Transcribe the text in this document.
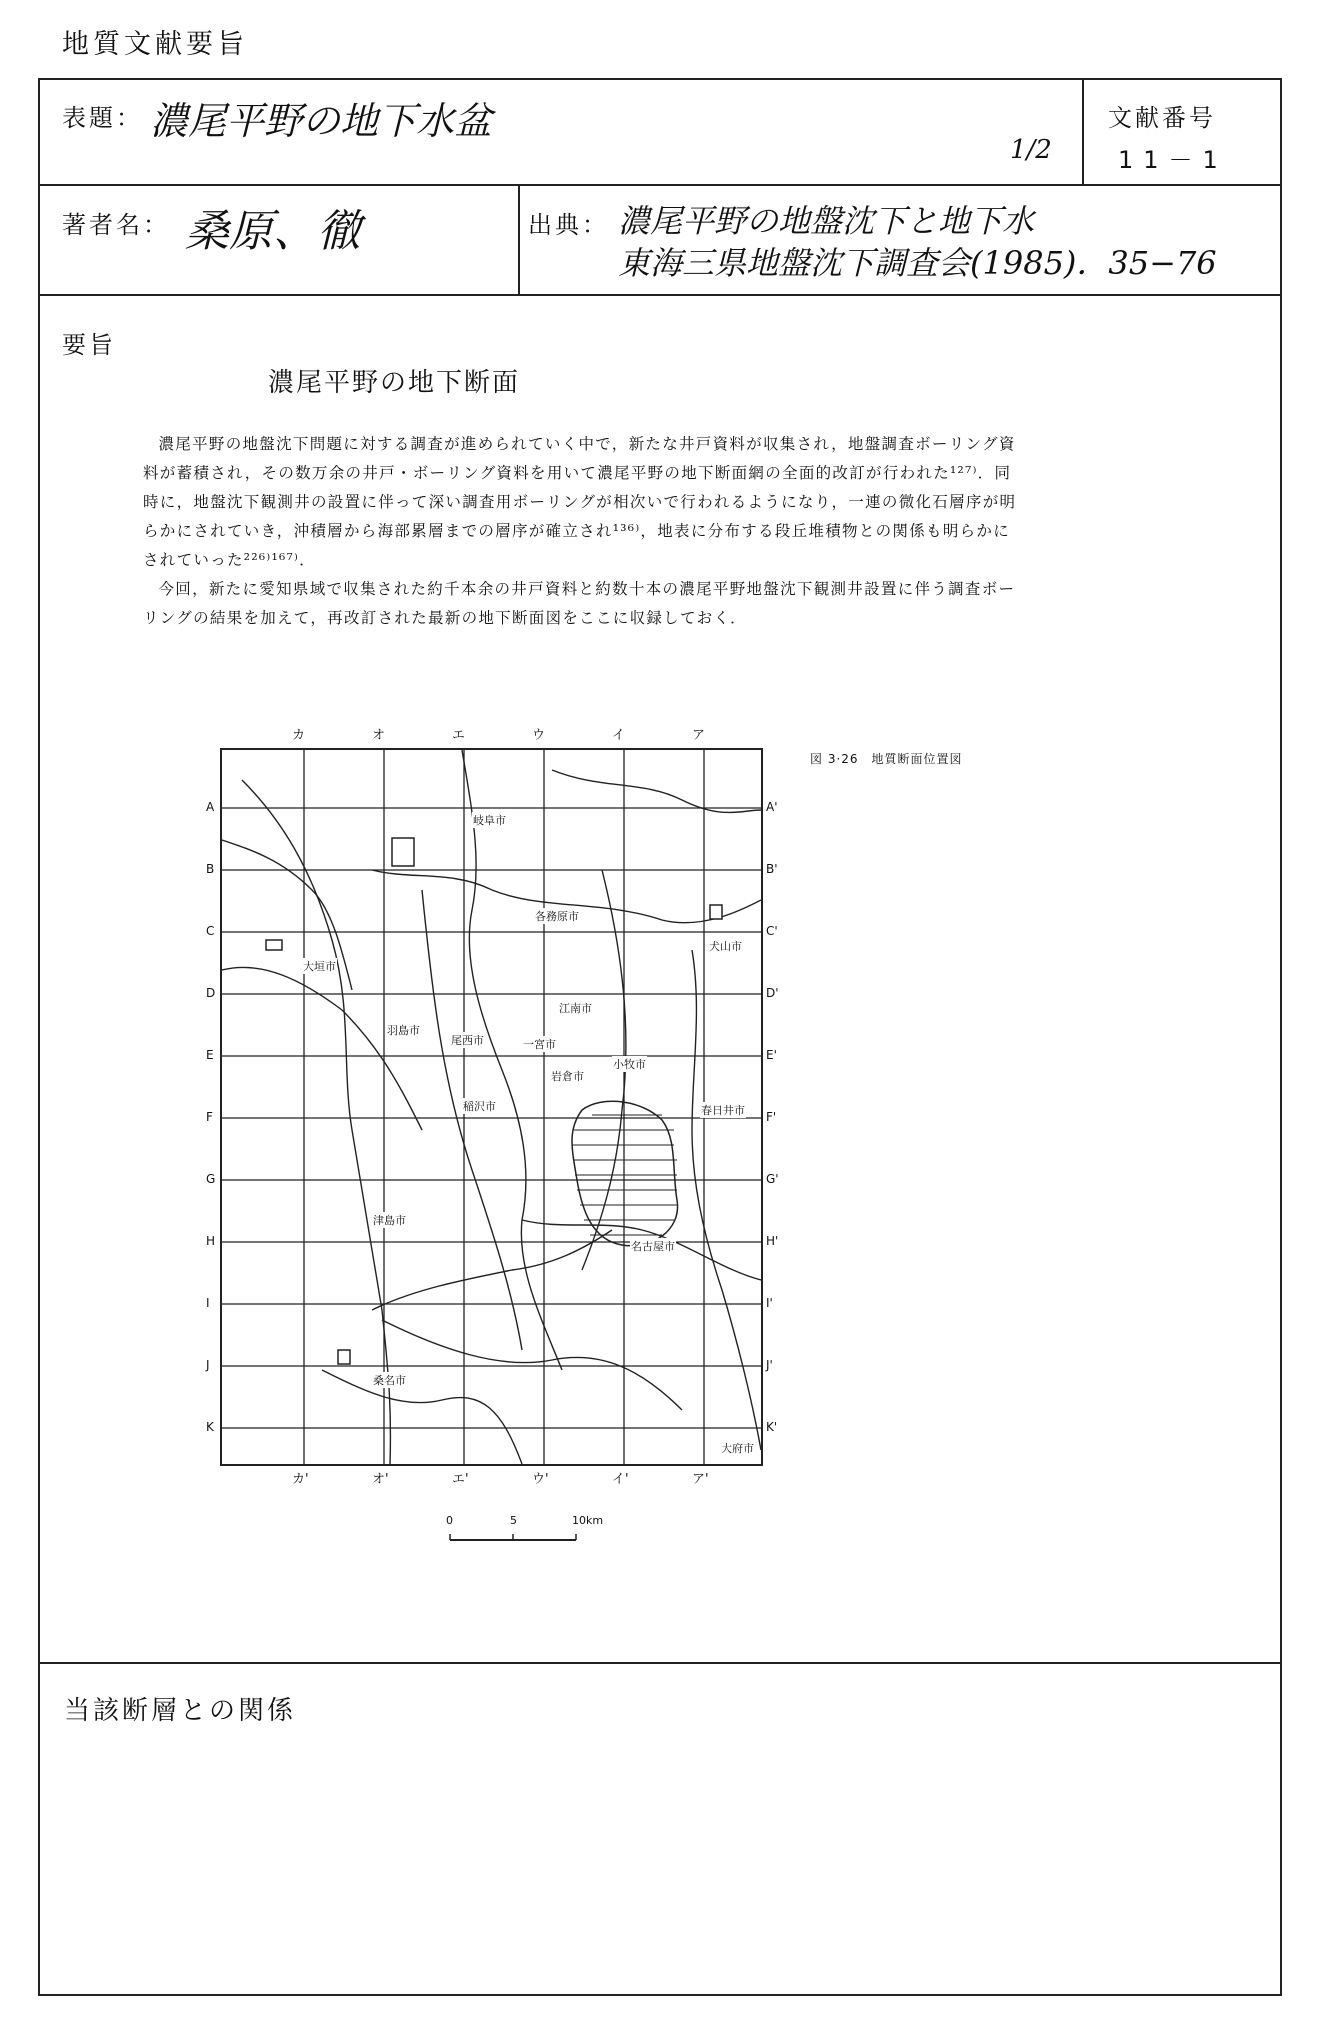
地質文献要旨
表題： 濃尾平野の地下水盆
1/2
文献番号
11－1
著者名： 桑原、徹	出典： 濃尾平野の地盤沈下と地下水
東海三県地盤沈下調査会(1985)．35−76
要旨
濃尾平野の地下断面

濃尾平野の地盤沈下問題に対する調査が進められていく中で，新たな井戸資料が収集され，地盤調査ボーリング資料が蓄積され，その数万余の井戸・ボーリング資料を用いて濃尾平野の地下断面網の全面的改訂が行われた¹²⁷⁾．同時に，地盤沈下観測井の設置に伴って深い調査用ボーリングが相次いで行われるようになり，一連の微化石層序が明らかにされていき，沖積層から海部累層までの層序が確立され¹³⁶⁾，地表に分布する段丘堆積物との関係も明らかにされていった²²⁶⁾¹⁶⁷⁾．

今回，新たに愛知県域で収集された約千本余の井戸資料と約数十本の濃尾平野地盤沈下観測井設置に伴う調査ボーリングの結果を加えて，再改訂された最新の地下断面図をここに収録しておく．

図 3·26　地質断面位置図
カ	オ	エ	ウ	イ	ア
カ'	オ'	エ'	ウ'	イ'	ア'
A
B
C
D
E
F
G
H
I
J
K
A'
B'
C'
D'
E'
F'
G'
H'
I'
J'
K'
岐阜市
各務原市
犬山市
大垣市
江南市
羽島市
尾西市	一宮市
岩倉市
小牧市
稲沢市	春日井市
津島市
名古屋市
桑名市
大府市
0	5	10km
当該断層との関係
